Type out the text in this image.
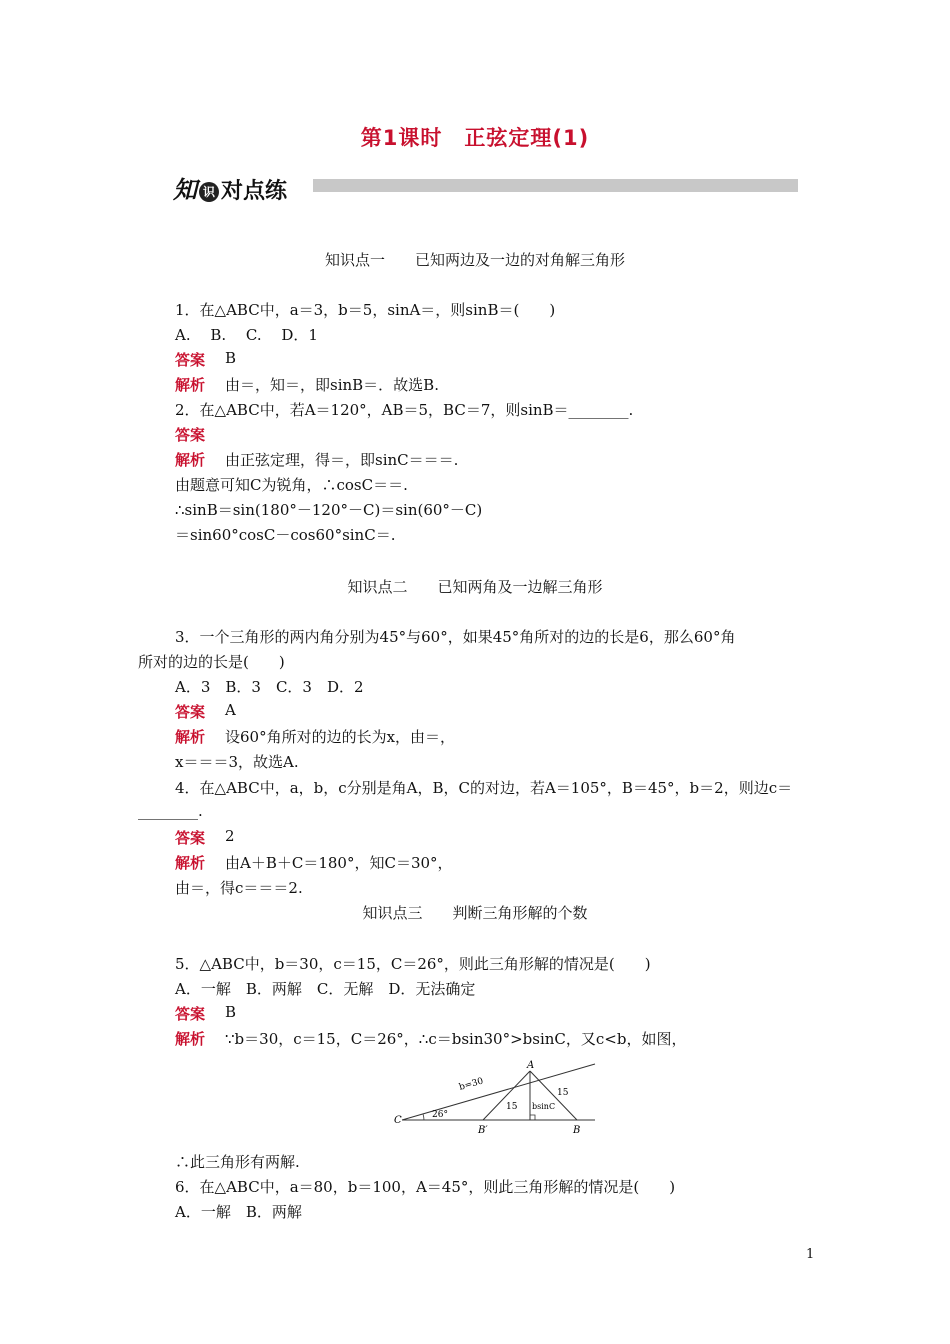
第1课时　正弦定理(1)
知 识 对点练
知识点一　　已知两边及一边的对角解三角形
1．在△ABC中，a＝3，b＝5，sinA＝，则sinB＝(　　)
A.　 B.　 C.　 D．1
答案 B
解析 由＝，知＝，即sinB＝．故选B.
2．在△ABC中，若A＝120°，AB＝5，BC＝7，则sinB＝________.
答案
解析 由正弦定理，得＝，即sinC＝＝＝.
由题意可知C为锐角，∴cosC＝＝.
∴sinB＝sin(180°－120°－C)＝sin(60°－C)
＝sin60°cosC－cos60°sinC＝.
知识点二　　已知两角及一边解三角形
3．一个三角形的两内角分别为45°与60°，如果45°角所对的边的长是6，那么60°角
所对的边的长是(　　)
A．3　B．3　C．3　D．2
答案 A
解析 设60°角所对的边的长为x，由＝，
x＝＝＝3，故选A.
4．在△ABC中，a，b，c分别是角A，B，C的对边，若A＝105°，B＝45°，b＝2，则边c＝
________.
答案 2
解析 由A＋B＋C＝180°，知C＝30°，
由＝，得c＝＝＝2.
知识点三　　判断三角形解的个数
5．△ABC中，b＝30，c＝15，C＝26°，则此三角形解的情况是(　　)
A．一解　B．两解　C．无解　D．无法确定
答案 B
解析 ∵b＝30，c＝15，C＝26°，∴c＝bsin30°>bsinC，又c<b，如图，
A
C
B′	B
b=30
15
15
bsinC
26°
∴此三角形有两解.
6．在△ABC中，a＝80，b＝100，A＝45°，则此三角形解的情况是(　　)
A．一解　B．两解
1
